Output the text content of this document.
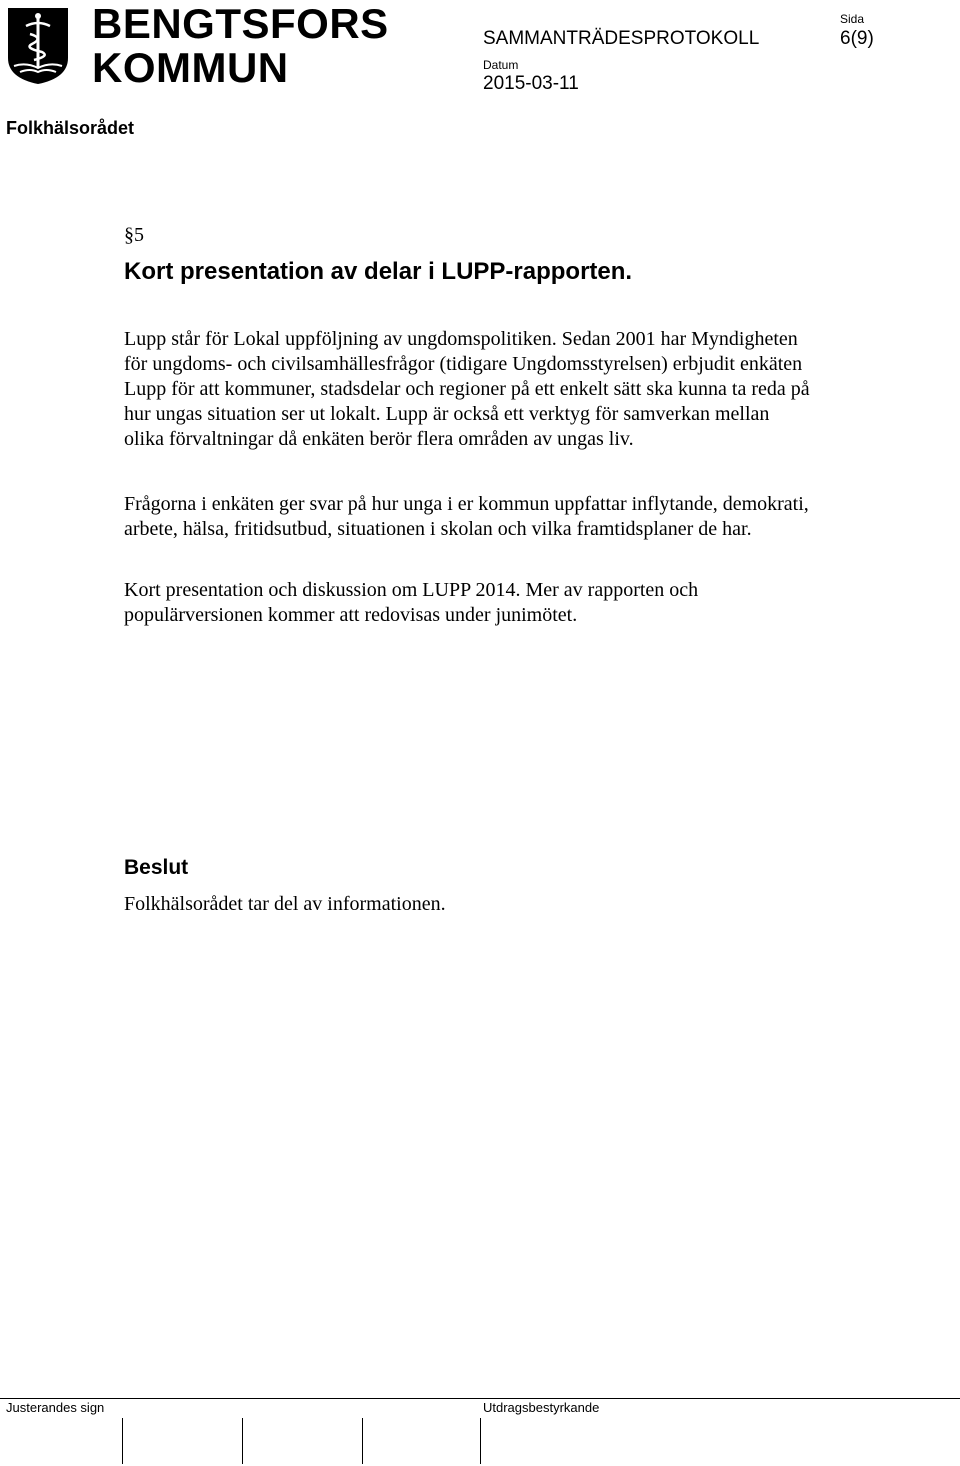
BENGTSFORS
KOMMUN
SAMMANTRÄDESPROTOKOLL
Sida
6(9)
Datum
2015-03-11
Folkhälsorådet
§5
Kort presentation av delar i LUPP-rapporten.
Lupp står för Lokal uppföljning av ungdomspolitiken. Sedan 2001 har Myndigheten för ungdoms- och civilsamhällesfrågor (tidigare Ungdomsstyrelsen) erbjudit enkäten Lupp för att kommuner, stadsdelar och regioner på ett enkelt sätt ska kunna ta reda på hur ungas situation ser ut lokalt. Lupp är också ett verktyg för samverkan mellan olika förvaltningar då enkäten berör flera områden av ungas liv.
Frågorna i enkäten ger svar på hur unga i er kommun uppfattar inflytande, demokrati, arbete, hälsa, fritidsutbud, situationen i skolan och vilka framtidsplaner de har.
Kort presentation och diskussion om LUPP 2014. Mer av rapporten och populärversionen kommer att redovisas under junimötet.
Beslut
Folkhälsorådet tar del av informationen.
Justerandes sign	Utdragsbestyrkande
